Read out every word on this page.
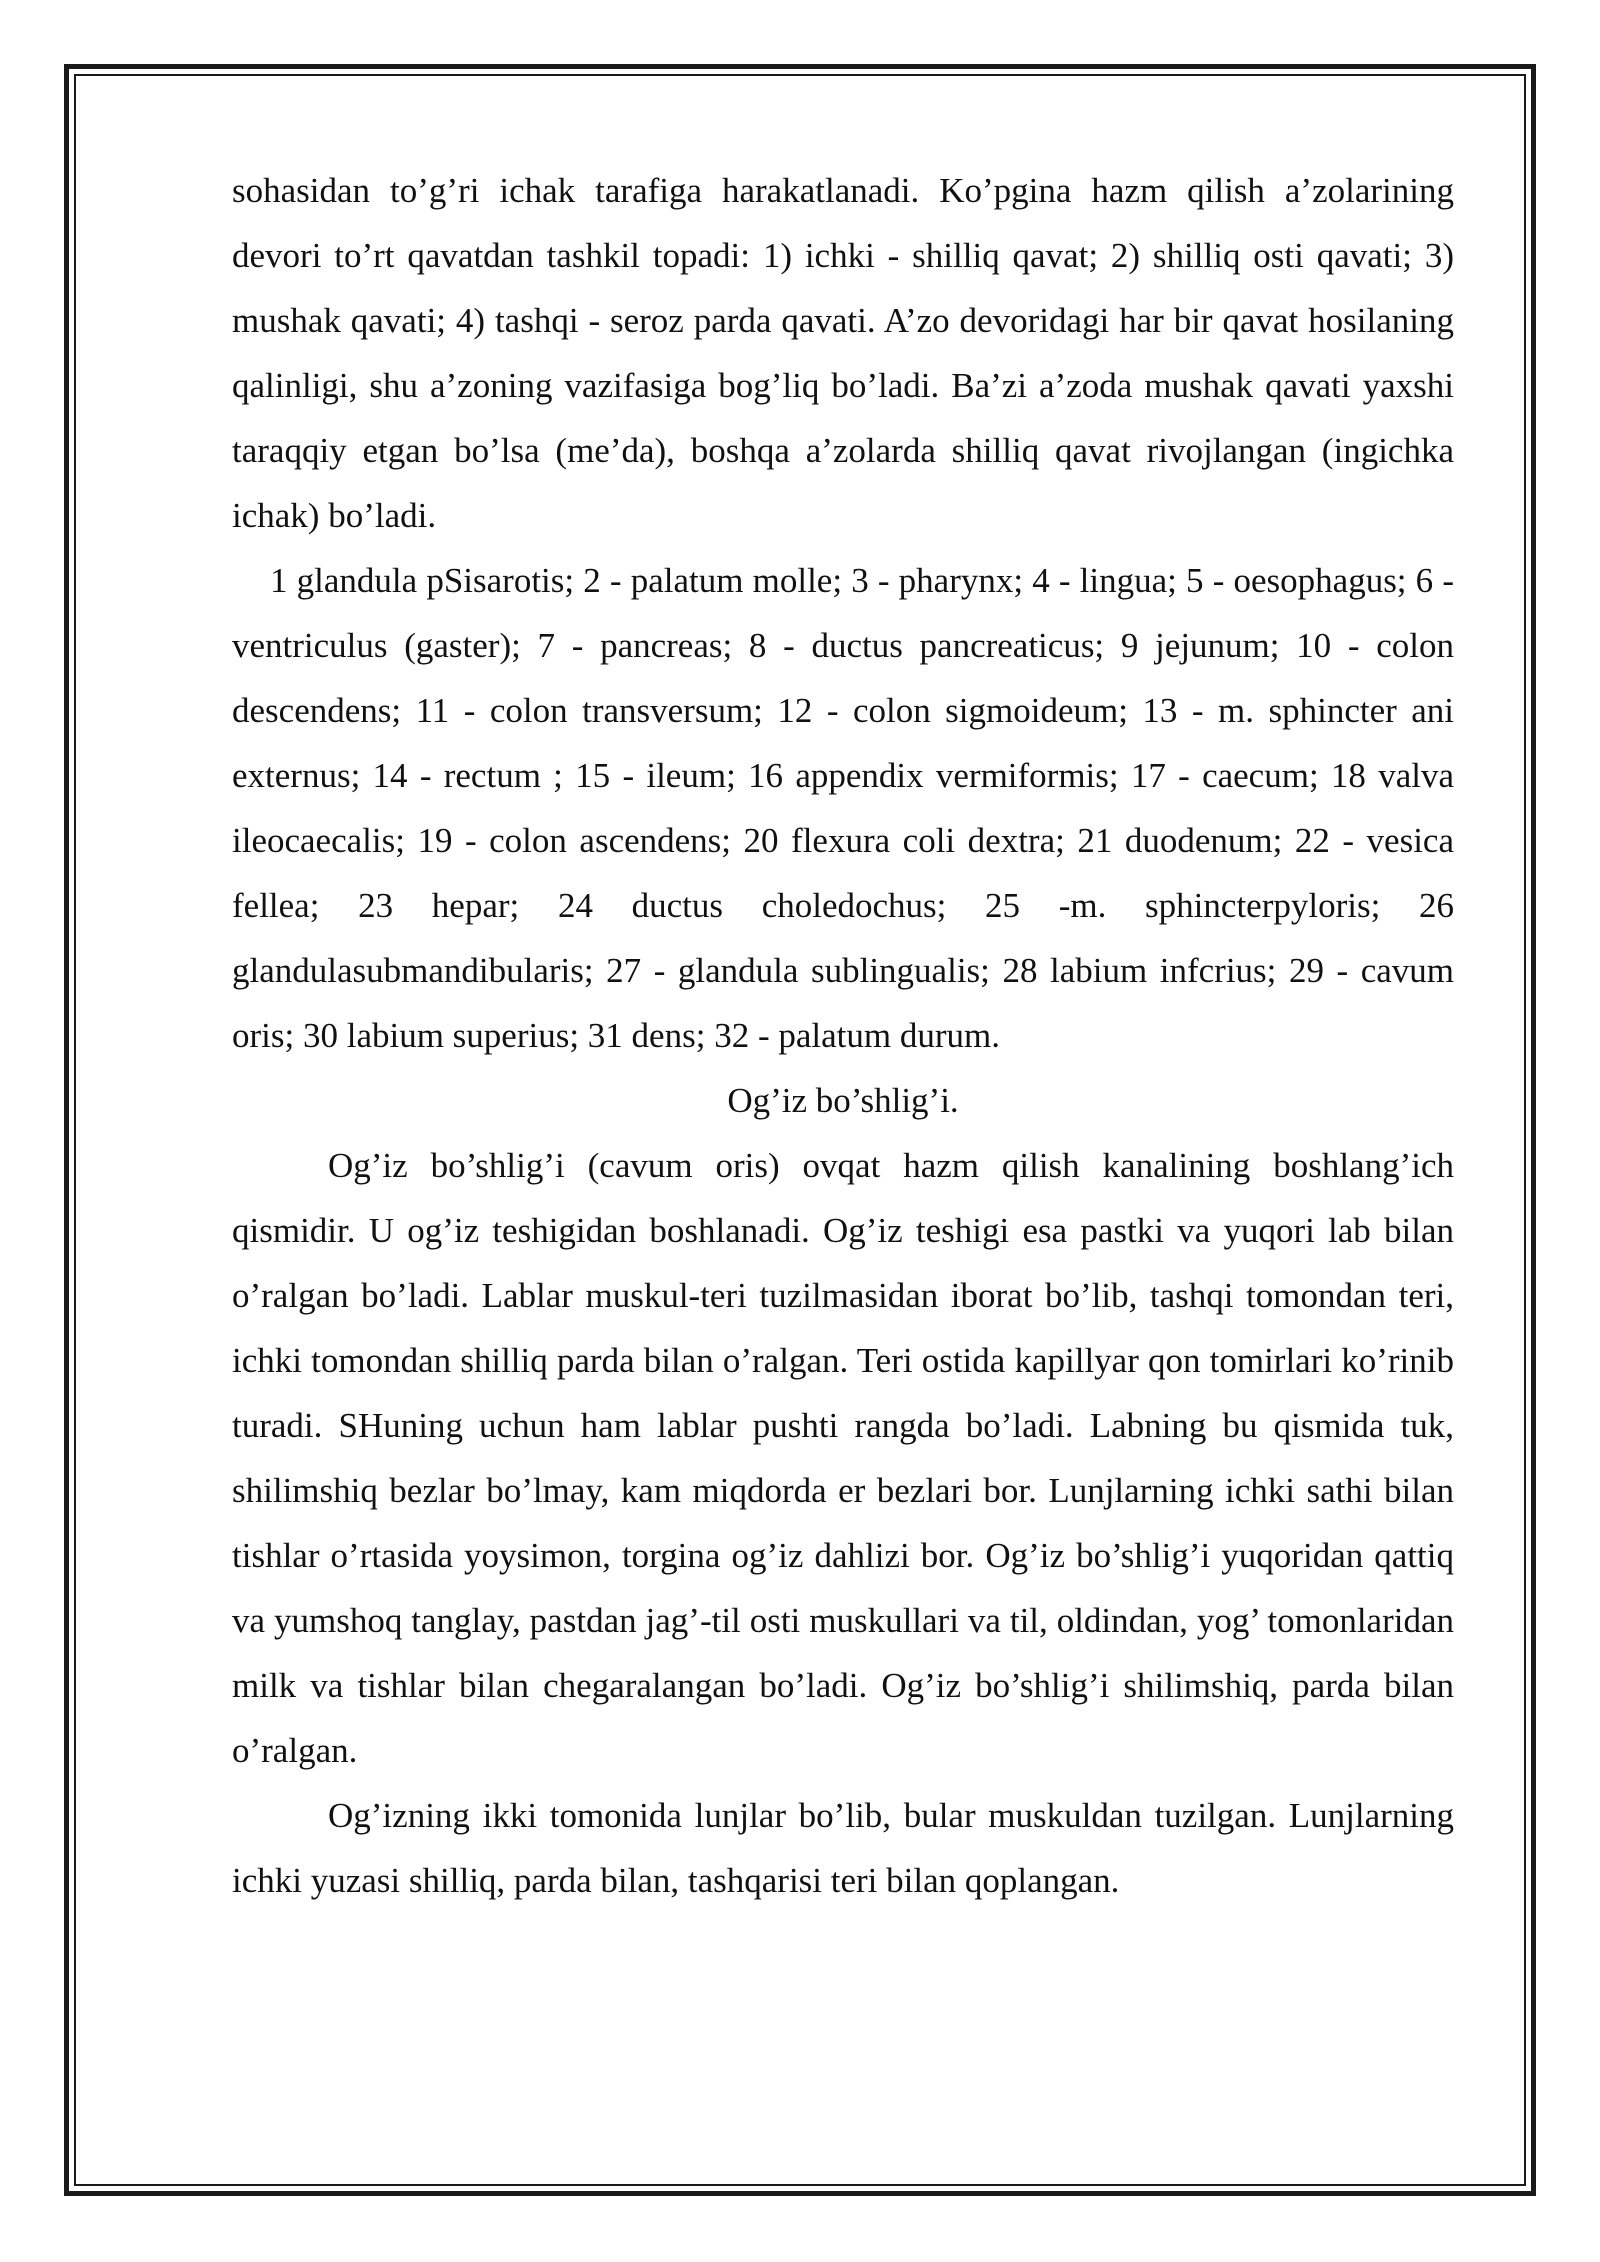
sohasidan to’g’ri ichak tarafiga harakatlanadi. Ko’pgina hazm qilish a’zolarining devori to’rt qavatdan tashkil topadi: 1) ichki - shilliq qavat; 2) shilliq osti qavati; 3) mushak qavati; 4) tashqi - seroz parda qavati. A’zo devoridagi har bir qavat hosilaning qalinligi, shu a’zoning vazifasiga bog’liq bo’ladi. Ba’zi a’zoda mushak qavati yaxshi taraqqiy etgan bo’lsa (me’da), boshqa a’zolarda shilliq qavat rivojlangan (ingichka ichak) bo’ladi.

1 glandula pSisarotis; 2 - palatum molle; 3 - pharynx; 4 - lingua; 5 - oesophagus; 6 - ventriculus (gaster); 7 - pancreas; 8 - ductus pancreaticus; 9 jejunum; 10 - colon descendens; 11 - colon transversum; 12 - colon sigmoideum; 13 - m. sphincter ani externus; 14 - rectum ; 15 - ileum; 16 appendix vermiformis; 17 - caecum; 18 valva ileocaecalis; 19 - colon ascendens; 20 flexura coli dextra; 21 duodenum; 22 - vesica fellea; 23 hepar; 24 ductus choledochus; 25 -m. sphincterpyloris; 26 glandulasubmandibularis; 27 - glandula sublingualis; 28 labium infcrius; 29 - cavum oris; 30 labium superius; 31 dens; 32 - palatum durum.

Og’iz bo’shlig’i.

Og’iz bo’shlig’i (cavum oris) ovqat hazm qilish kanalining boshlang’ich qismidir. U og’iz teshigidan boshlanadi. Og’iz teshigi esa pastki va yuqori lab bilan o’ralgan bo’ladi. Lablar muskul-teri tuzilmasidan iborat bo’lib, tashqi tomondan teri, ichki tomondan shilliq parda bilan o’ralgan. Teri ostida kapillyar qon tomirlari ko’rinib turadi. SHuning uchun ham lablar pushti rangda bo’ladi. Labning bu qismida tuk, shilimshiq bezlar bo’lmay, kam miqdorda er bezlari bor. Lunjlarning ichki sathi bilan tishlar o’rtasida yoysimon, torgina og’iz dahlizi bor. Og’iz bo’shlig’i yuqoridan qattiq va yumshoq tanglay, pastdan jag’-til osti muskullari va til, oldindan, yog’ tomonlaridan milk va tishlar bilan chegaralangan bo’ladi. Og’iz bo’shlig’i shilimshiq, parda bilan o’ralgan.

Og’izning ikki tomonida lunjlar bo’lib, bular muskuldan tuzilgan. Lunjlarning ichki yuzasi shilliq, parda bilan, tashqarisi teri bilan qoplangan.
